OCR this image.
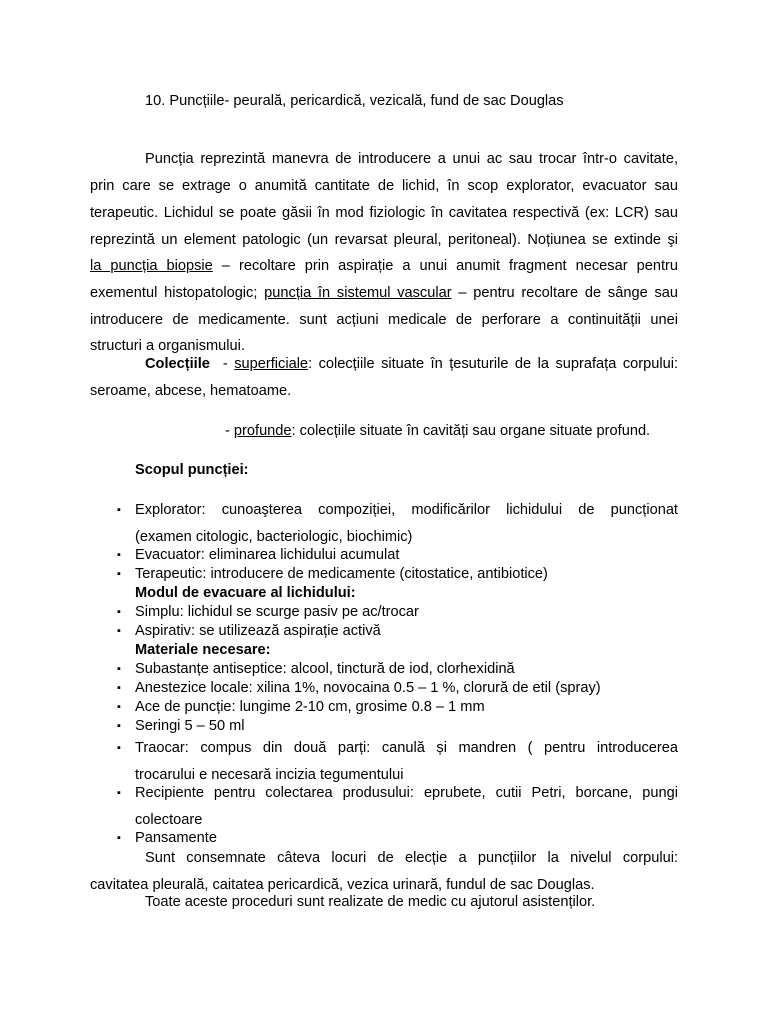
10. Puncțiile- peurală, pericardică, vezicală, fund de sac Douglas
Puncția reprezintă manevra de introducere a unui ac sau trocar într-o cavitate,
prin care se extrage o anumită cantitate de lichid, în scop explorator, evacuator sau
terapeutic. Lichidul se poate găsii în mod fiziologic în cavitatea respectivă (ex: LCR) sau
reprezintă un element patologic (un revarsat pleural, peritoneal). Noțiunea se extinde şi
la puncția biopsie – recoltare prin aspirație a unui anumit fragment necesar pentru
exementul histopatologic; puncția în sistemul vascular – pentru recoltare de sânge sau
introducere de medicamente. sunt acțiuni medicale de perforare a continuității unei
structuri a organismului.
Colecțiile  - superficiale: colecțiile situate în țesuturile de la suprafața corpului:
seroame, abcese, hematoame.
- profunde: colecțiile situate în cavități sau organe situate profund.
Scopul puncției:
▪ Explorator: cunoaşterea compoziției, modificărilor lichidului de puncționat
(examen citologic, bacteriologic, biochimic)
▪ Evacuator: eliminarea lichidului acumulat
▪ Terapeutic: introducere de medicamente (citostatice, antibiotice)
Modul de evacuare al lichidului:
▪ Simplu: lichidul se scurge pasiv pe ac/trocar
▪ Aspirativ: se utilizează aspirație activă
Materiale necesare:
▪ Subastanțe antiseptice: alcool, tinctură de iod, clorhexidină
▪ Anestezice locale: xilina 1%, novocaina 0.5 – 1 %, clorură de etil (spray)
▪ Ace de puncție: lungime 2-10 cm, grosime 0.8 – 1 mm
▪ Seringi 5 – 50 ml
▪ Traocar: compus din două parți: canulă și mandren ( pentru introducerea
trocarului e necesară incizia tegumentului
▪ Recipiente pentru colectarea produsului: eprubete, cutii Petri, borcane, pungi
colectoare
▪ Pansamente
Sunt consemnate câteva locuri de elecție a puncțiilor la nivelul corpului:
cavitatea pleurală, caitatea pericardică, vezica urinară, fundul de sac Douglas.
Toate aceste proceduri sunt realizate de medic cu ajutorul asistenților.
